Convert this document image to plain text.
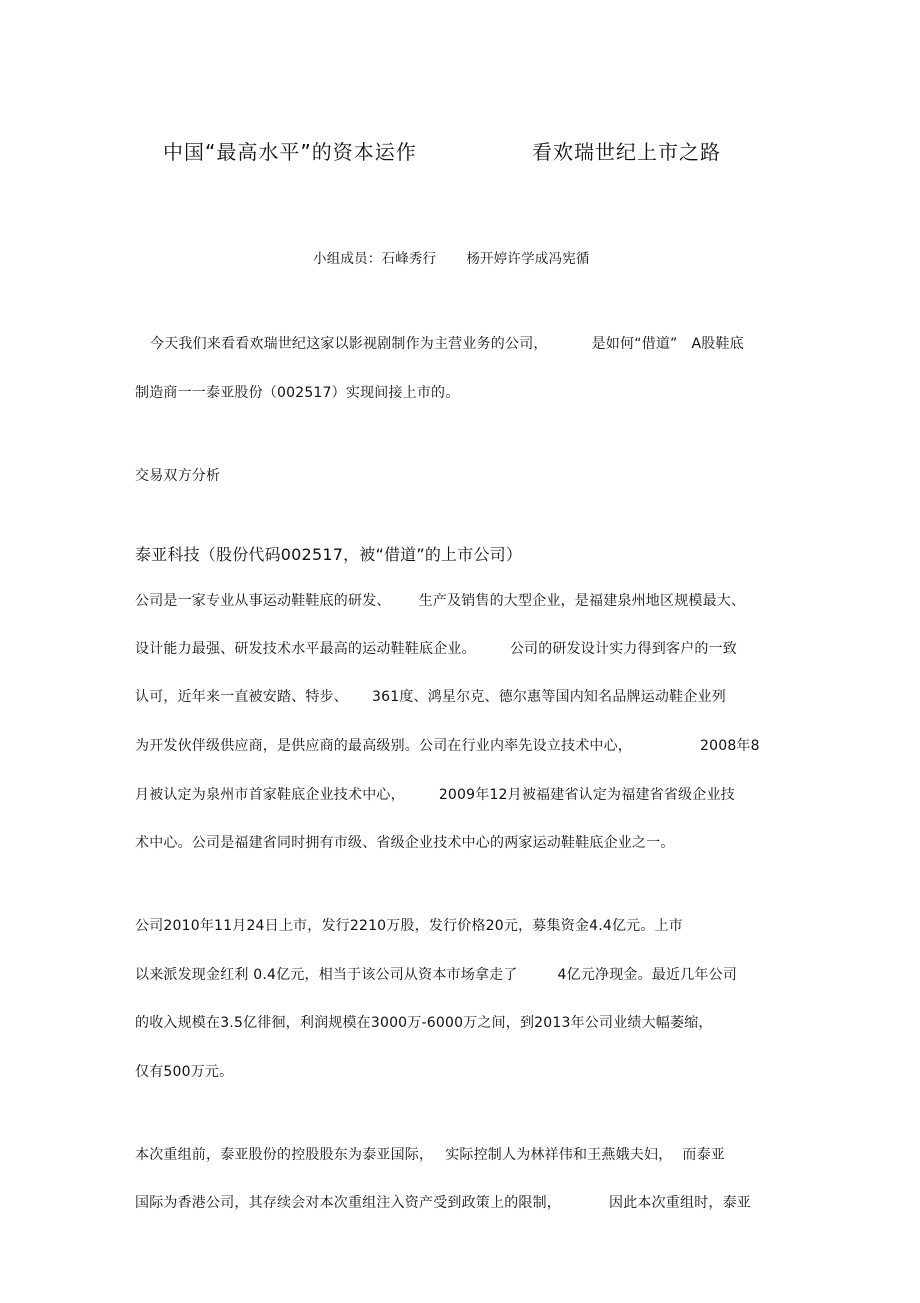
中国“最高水平”的资本运作	看欢瑞世纪上市之路
小组成员：石峰秀行 杨开婷许学成冯宪循
今天我们来看看欢瑞世纪这家以影视剧制作为主营业务的公司，	是如何“借道” A股鞋底
制造商一一泰亚股份（002517）实现间接上市的。
交易双方分析
泰亚科技（股份代码002517，被“借道”的上市公司）
公司是一家专业从事运动鞋鞋底的研发、 生产及销售的大型企业，是福建泉州地区规模最大、
设计能力最强、研发技术水平最高的运动鞋鞋底企业。 公司的研发设计实力得到客户的一致
认可，近年来一直被安踏、特步、 361度、鸿星尔克、德尔惠等国内知名品牌运动鞋企业列
为开发伙伴级供应商，是供应商的最高级别。公司在行业内率先设立技术中心，	2008年8
月被认定为泉州市首家鞋底企业技术中心， 2009年12月被福建省认定为福建省省级企业技
术中心。公司是福建省同时拥有市级、省级企业技术中心的两家运动鞋鞋底企业之一。
公司2010年11月24日上市，发行2210万股，发行价格20元，募集资金4.4亿元。上市
以来派发现金红利 0.4亿元，相当于该公司从资本市场拿走了	4亿元净现金。最近几年公司
的收入规模在3.5亿徘徊，利润规模在3000万-6000万之间，到2013年公司业绩大幅萎缩，
仅有500万元。
本次重组前，泰亚股份的控股股东为泰亚国际， 实际控制人为林祥伟和王燕娥夫妇， 而泰亚
国际为香港公司，其存续会对本次重组注入资产受到政策上的限制，	因此本次重组时，泰亚
